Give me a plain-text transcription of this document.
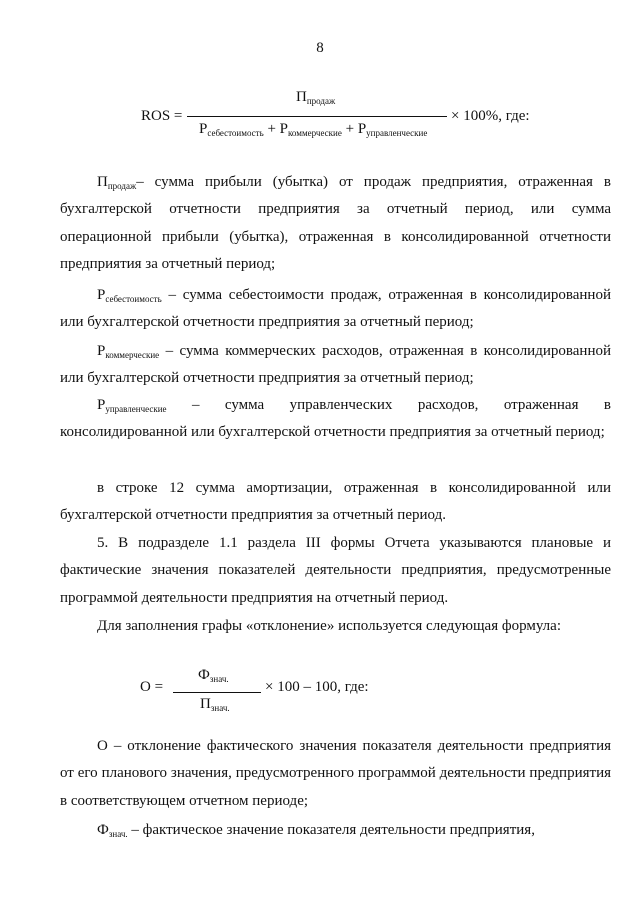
8
ROS =
$П_{продаж}$
$Р_{себестоимость} + Р_{коммерческие} + Р_{управленческие}$
× 100%, где:
$П_{продаж}-$ сумма прибыли (убытка) от продаж предприятия, отраженная в бухгалтерской отчетности предприятия за отчетный период, или сумма операционной прибыли (убытка), отраженная в консолидированной отчетности предприятия за отчетный период;
$Р_{себестоимость}$ – сумма себестоимости продаж, отраженная в консолидированной или бухгалтерской отчетности предприятия за отчетный период;
$Р_{коммерческие}$ – сумма коммерческих расходов, отраженная в консолидированной или бухгалтерской отчетности предприятия за отчетный период;
$Р_{управленческие}$ – сумма управленческих расходов, отраженная в консолидированной или бухгалтерской отчетности предприятия за отчетный период;
в строке 12 сумма амортизации, отраженная в консолидированной или бухгалтерской отчетности предприятия за отчетный период.
5. В подразделе 1.1 раздела III формы Отчета указываются плановые и фактические значения показателей деятельности предприятия, предусмотренные программой деятельности предприятия на отчетный период.
Для заполнения графы «отклонение» используется следующая формула:
О =
$Ф_{знач.}$
$П_{знач.}$
× 100 – 100, где:
О – отклонение фактического значения показателя деятельности предприятия от его планового значения, предусмотренного программой деятельности предприятия в соответствующем отчетном периоде;
$Ф_{знач.}$ – фактическое значение показателя деятельности предприятия,
